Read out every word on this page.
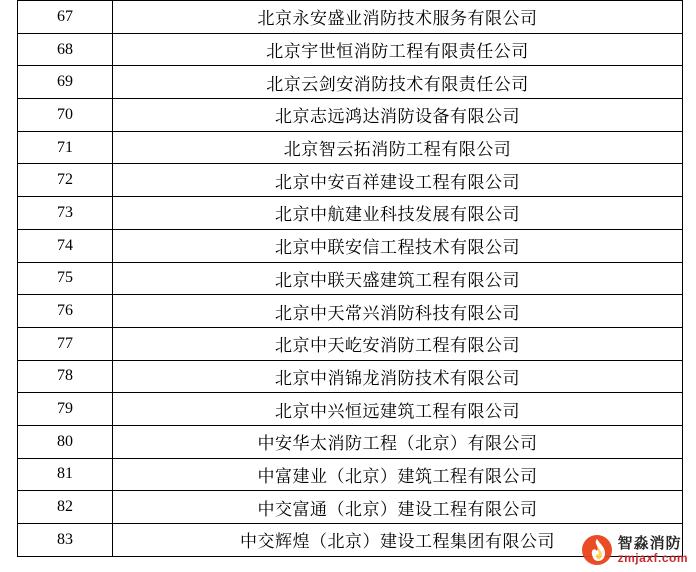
67	北京永安盛业消防技术服务有限公司
68	北京宇世恒消防工程有限责任公司
69	北京云剑安消防技术有限责任公司
70	北京志远鸿达消防设备有限公司
71	北京智云拓消防工程有限公司
72	北京中安百祥建设工程有限公司
73	北京中航建业科技发展有限公司
74	北京中联安信工程技术有限公司
75	北京中联天盛建筑工程有限公司
76	北京中天常兴消防科技有限公司
77	北京中天屹安消防工程有限公司
78	北京中消锦龙消防技术有限公司
79	北京中兴恒远建筑工程有限公司
80	中安华太消防工程（北京）有限公司
81	中富建业（北京）建筑工程有限公司
82	中交富通（北京）建设工程有限公司
83	中交辉煌（北京）建设工程集团有限公司	智淼消防
zmjaxf.com
